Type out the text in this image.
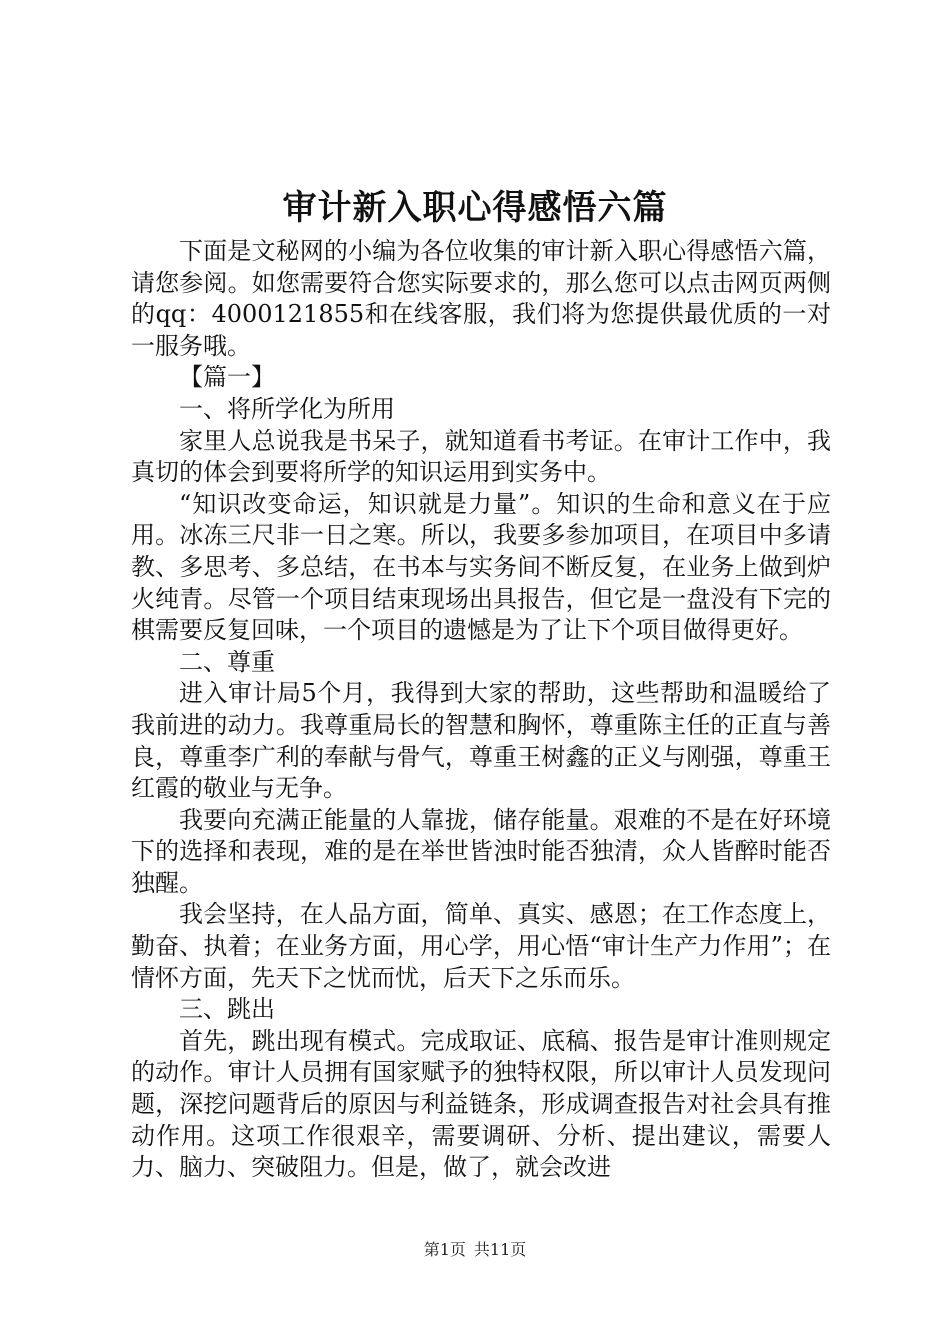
审计新入职心得感悟六篇

下面是文秘网的小编为各位收集的审计新入职心得感悟六篇，请您参阅。如您需要符合您实际要求的，那么您可以点击网页两侧的qq：4000121855和在线客服，我们将为您提供最优质的一对一服务哦。

【篇一】

一、将所学化为所用

家里人总说我是书呆子，就知道看书考证。在审计工作中，我真切的体会到要将所学的知识运用到实务中。

“知识改变命运，知识就是力量”。知识的生命和意义在于应用。冰冻三尺非一日之寒。所以，我要多参加项目，在项目中多请教、多思考、多总结，在书本与实务间不断反复，在业务上做到炉火纯青。尽管一个项目结束现场出具报告，但它是一盘没有下完的棋需要反复回味，一个项目的遗憾是为了让下个项目做得更好。

二、尊重

进入审计局5个月，我得到大家的帮助，这些帮助和温暖给了我前进的动力。我尊重局长的智慧和胸怀，尊重陈主任的正直与善良，尊重李广利的奉献与骨气，尊重王树鑫的正义与刚强，尊重王红霞的敬业与无争。

我要向充满正能量的人靠拢，储存能量。艰难的不是在好环境下的选择和表现，难的是在举世皆浊时能否独清，众人皆醉时能否独醒。

我会坚持，在人品方面，简单、真实、感恩；在工作态度上，勤奋、执着；在业务方面，用心学，用心悟“审计生产力作用”；在情怀方面，先天下之忧而忧，后天下之乐而乐。

三、跳出

首先，跳出现有模式。完成取证、底稿、报告是审计准则规定的动作。审计人员拥有国家赋予的独特权限，所以审计人员发现问题，深挖问题背后的原因与利益链条，形成调查报告对社会具有推动作用。这项工作很艰辛，需要调研、分析、提出建议，需要人力、脑力、突破阻力。但是，做了，就会改进

第1页 共11页
